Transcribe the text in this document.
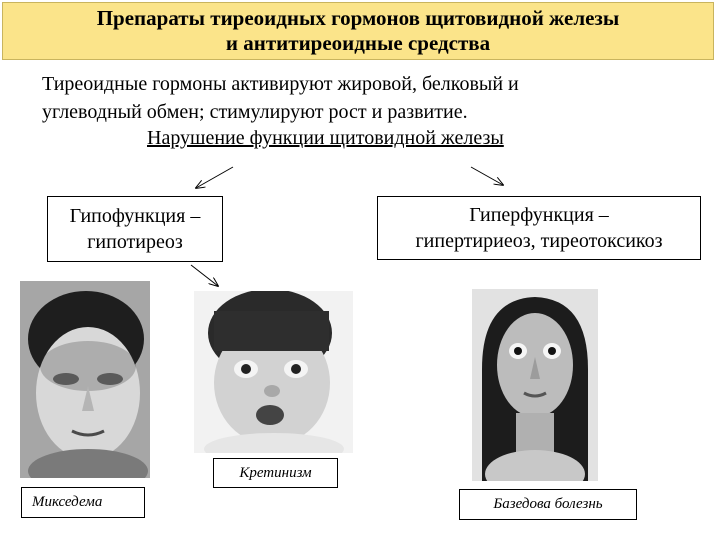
Препараты тиреоидных гормонов щитовидной железы
и антитиреоидные средства
Тиреоидные гормоны активируют жировой, белковый и
углеводный обмен; стимулируют рост и развитие.
Нарушение функции щитовидной железы
Гипофункция –
гипотиреоз
Гиперфункция –
гипертириеоз, тиреотоксикоз
Микседема
Кретинизм
Базедова болезнь
